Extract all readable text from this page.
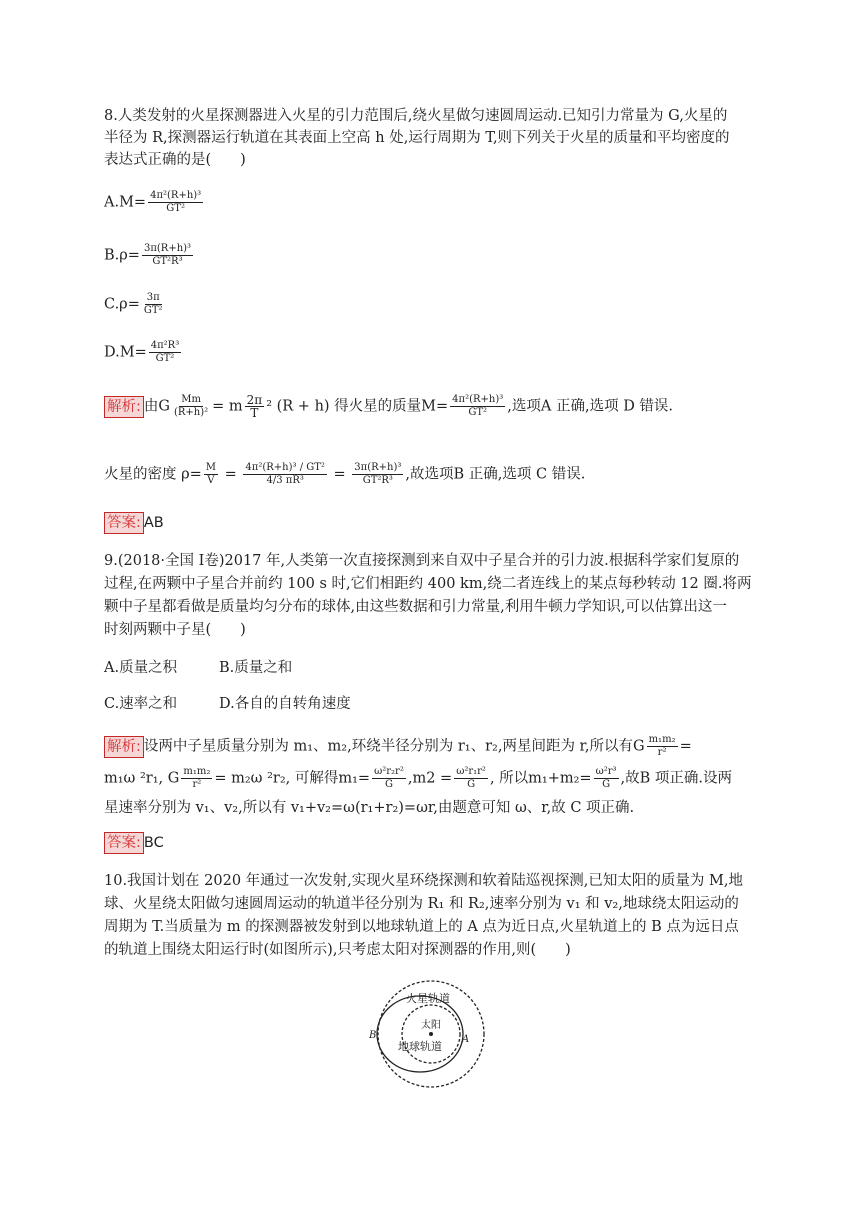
8.人类发射的火星探测器进入火星的引力范围后,绕火星做匀速圆周运动.已知引力常量为 G,火星的
半径为 R,探测器运行轨道在其表面上空高 h 处,运行周期为 T,则下列关于火星的质量和平均密度的
表达式正确的是(　　)
$A.M= \frac{\text{4π²(R+h)³}}{\text{GT²}}$
$B.\rho= \frac{\text{3π(R+h)³}}{\text{GT²R³}}$
$C.\rho= \frac{3\pi}{\text{GT²}}$
$D.M= \frac{\text{4π²R³}}{\text{GT²}}$
解析: 由G $\frac{Mm}{\text{(R+h)²}} = m \frac{2\pi}{T} ^2$ (R + h) 得火星的质量$M= \frac{\text{4π²(R+h)³}}{\text{GT²}}$ ,选项A 正确,选项 D 错误.
火星的密度 $\rho= \frac{M}{V} = \frac{\text{4π²(R+h)³ / GT²}}{\text{4/3 πR³}} = \frac{\text{3π(R+h)³}}{\text{GT²R³}}$ ,故选项B 正确,选项 C 错误.
答案: AB
9.(2018·全国 Ⅰ卷)2017 年,人类第一次直接探测到来自双中子星合并的引力波.根据科学家们复原的
过程,在两颗中子星合并前约 100 s 时,它们相距约 400 km,绕二者连线上的某点每秒转动 12 圈.将两
颗中子星都看做是质量均匀分布的球体,由这些数据和引力常量,利用牛顿力学知识,可以估算出这一
时刻两颗中子星(　　)
A.质量之积	B.质量之和
C.速率之和	D.各自的自转角速度
解析: 设两中子星质量分别为 m₁、m₂,环绕半径分别为 r₁、r₂,两星间距为 r,所以有G $\frac{\text{m₁m₂}}{\text{r²}}$ =
m₁ω ²r₁, G $\frac{\text{m₁m₂}}{\text{r²}} = m_2\omega$ ²r₂, 可解得$m_1= \frac{\text{ω²r₂r²}}{G} ,m2 = \frac{\text{ω²r₁r²}}{G}$ , 所以$m_1+m_2= \frac{\text{ω²r³}}{G}$ ,故B 项正确.设两
星速率分别为 v₁、v₂,所以有 v₁+v₂=ω(r₁+r₂)=ωr,由题意可知 ω、r,故 C 项正确.
答案: BC
10.我国计划在 2020 年通过一次发射,实现火星环绕探测和软着陆巡视探测,已知太阳的质量为 M,地
球、火星绕太阳做匀速圆周运动的轨道半径分别为 R₁ 和 R₂,速率分别为 v₁ 和 v₂,地球绕太阳运动的
周期为 T.当质量为 m 的探测器被发射到以地球轨道上的 A 点为近日点,火星轨道上的 B 点为远日点
的轨道上围绕太阳运行时(如图所示),只考虑太阳对探测器的作用,则(　　)
火星轨道
太阳
地球轨道
B	A
